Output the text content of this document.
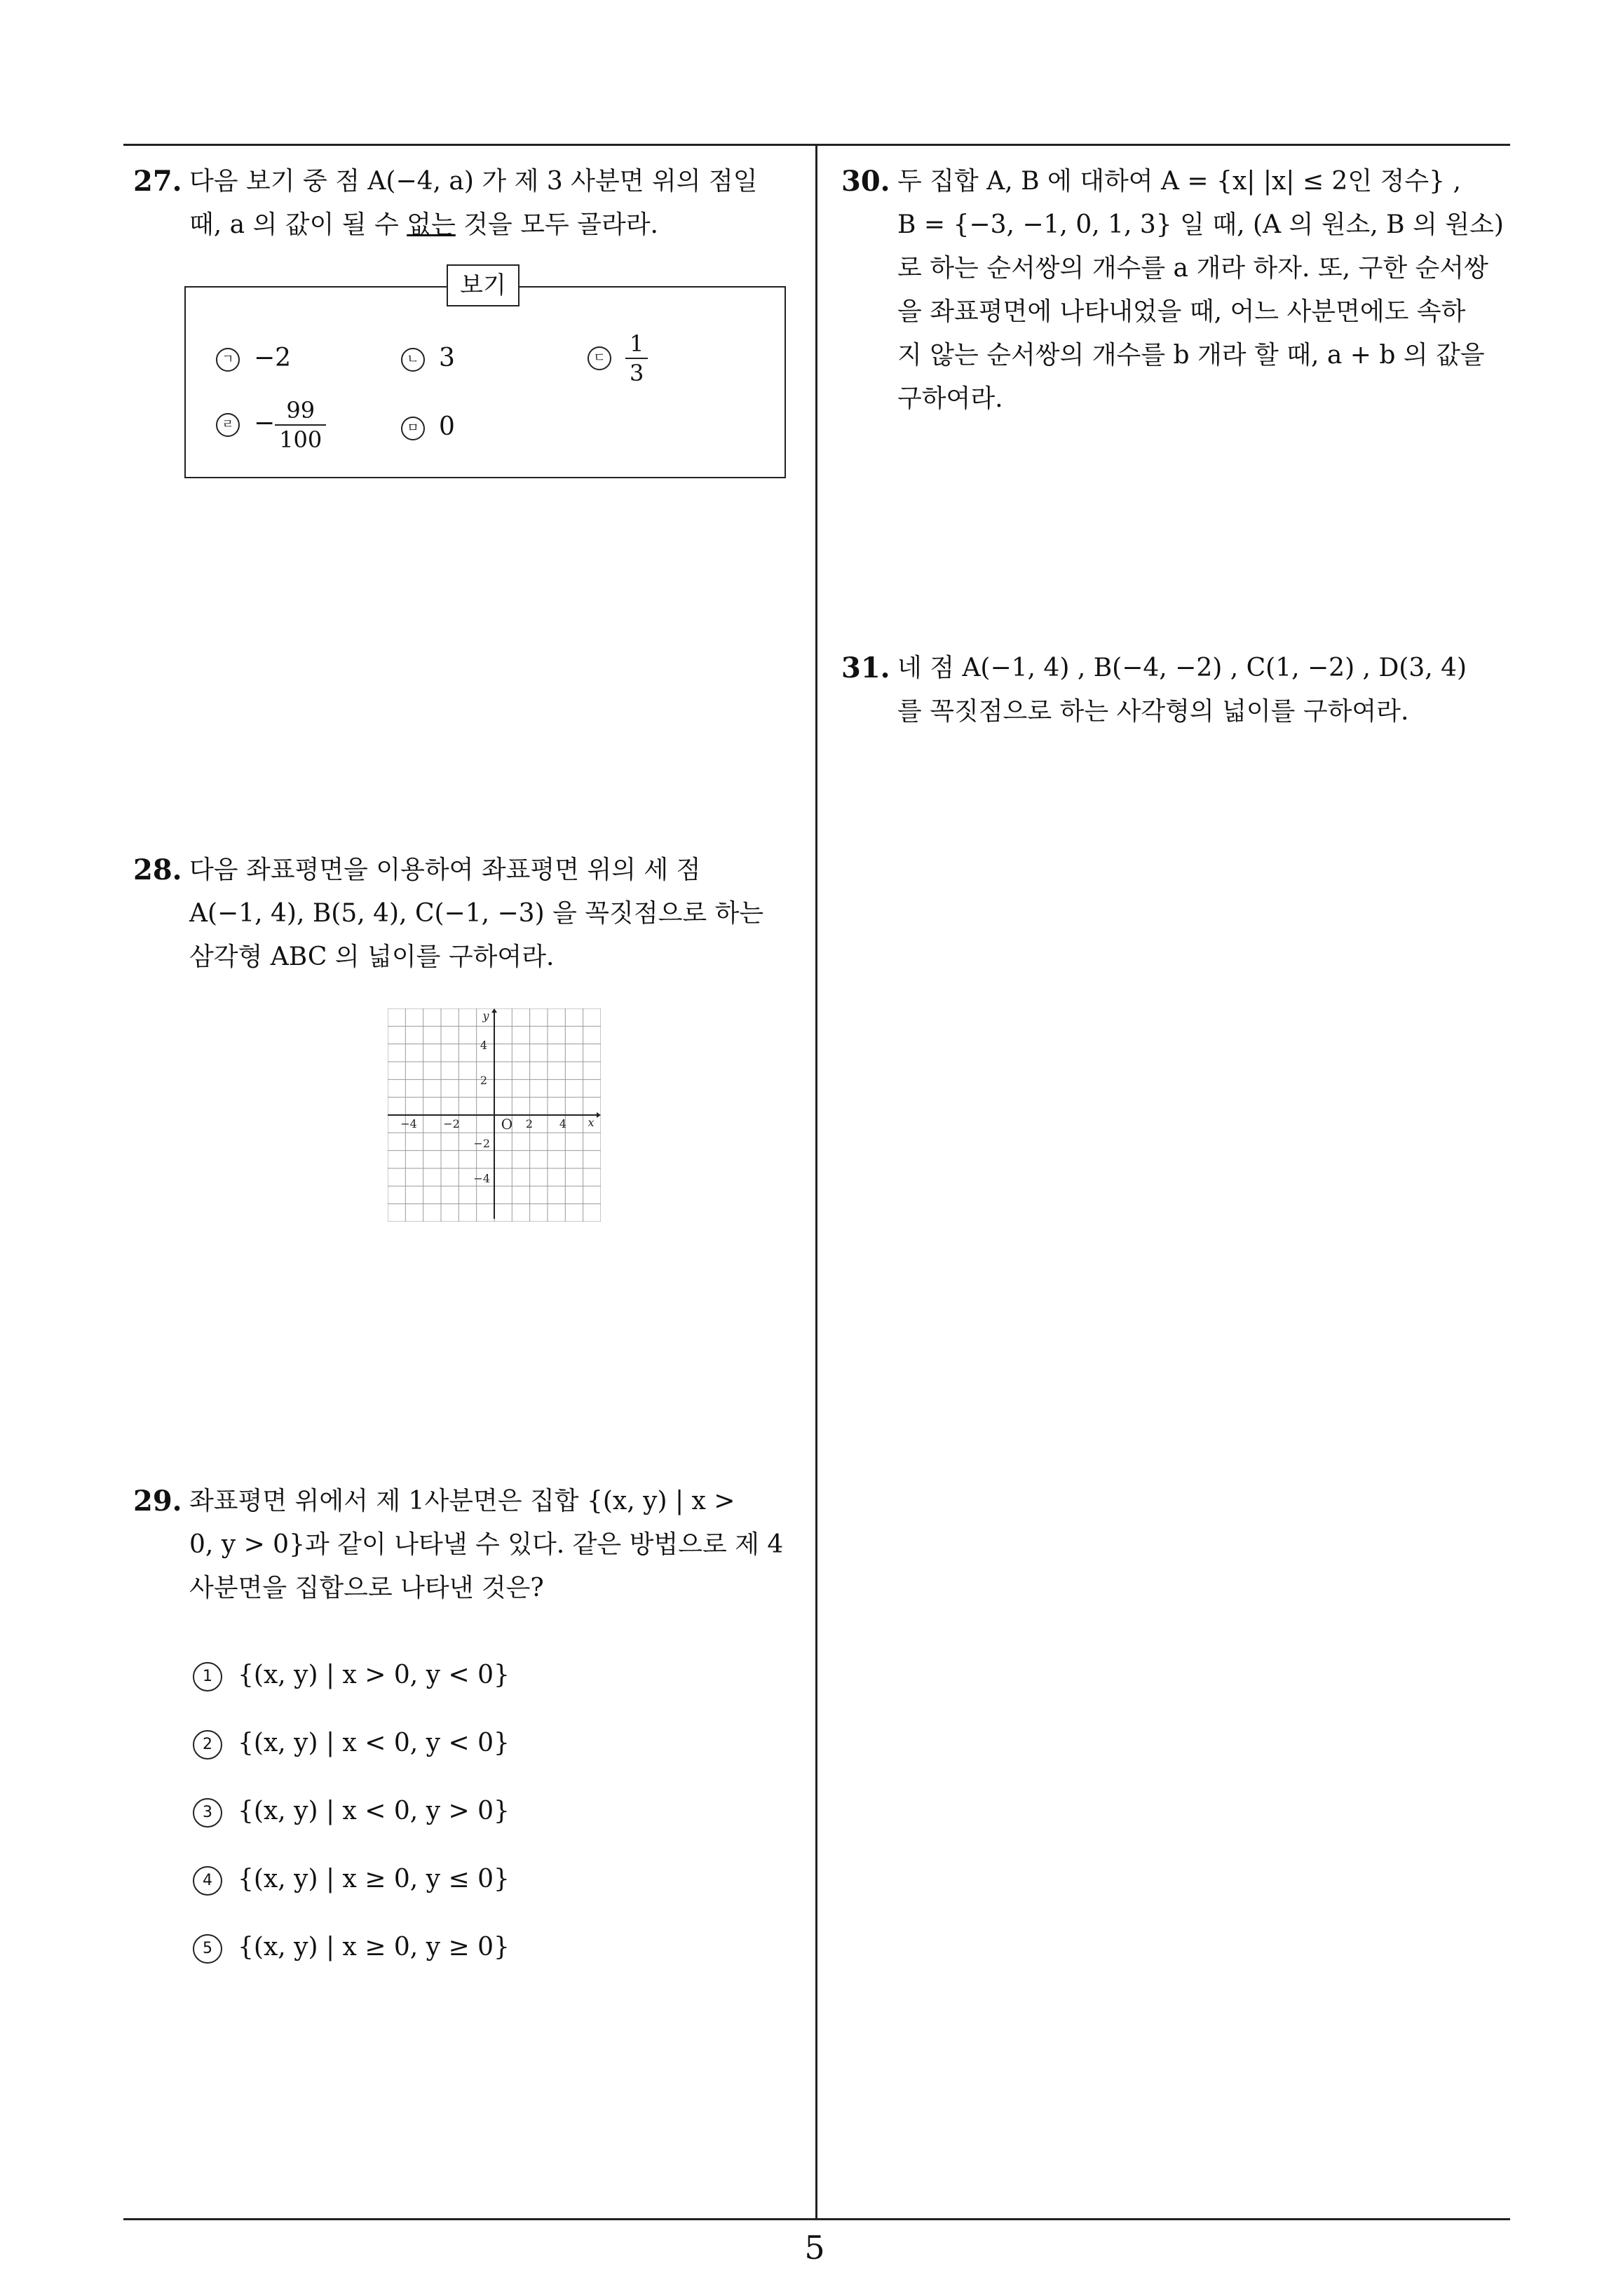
27. 다음 보기 중 점 A(−4, a) 가 제 3 사분면 위의 점일
때, a 의 값이 될 수 없는 것을 모두 골라라.
보기
ㄱ −2	ㄴ 3	ㄷ $\frac{1}{3}$
ㄹ − $\frac{99}{100}$	ㅁ 0
28. 다음 좌표평면을 이용하여 좌표평면 위의 세 점
A(−1, 4), B(5, 4), C(−1, −3) 을 꼭짓점으로 하는
삼각형 ABC 의 넓이를 구하여라.
−4 −2	2 4
4
2
−2
−4
O	x
y
29. 좌표평면 위에서 제 1사분면은 집합 {(x, y) | x >
0, y > 0}과 같이 나타낼 수 있다. 같은 방법으로 제 4
사분면을 집합으로 나타낸 것은?
1 {(x, y) | x > 0, y < 0}
2 {(x, y) | x < 0, y < 0}
3 {(x, y) | x < 0, y > 0}
4 {(x, y) | x ≥ 0, y ≤ 0}
5 {(x, y) | x ≥ 0, y ≥ 0}
30. 두 집합 A, B 에 대하여 A = {x| |x| ≤ 2인 정수} ,
B = {−3, −1, 0, 1, 3} 일 때, (A 의 원소, B 의 원소)
로 하는 순서쌍의 개수를 a 개라 하자. 또, 구한 순서쌍
을 좌표평면에 나타내었을 때, 어느 사분면에도 속하
지 않는 순서쌍의 개수를 b 개라 할 때, a + b 의 값을
구하여라.
31. 네 점 A(−1, 4) , B(−4, −2) , C(1, −2) , D(3, 4)
를 꼭짓점으로 하는 사각형의 넓이를 구하여라.
5
